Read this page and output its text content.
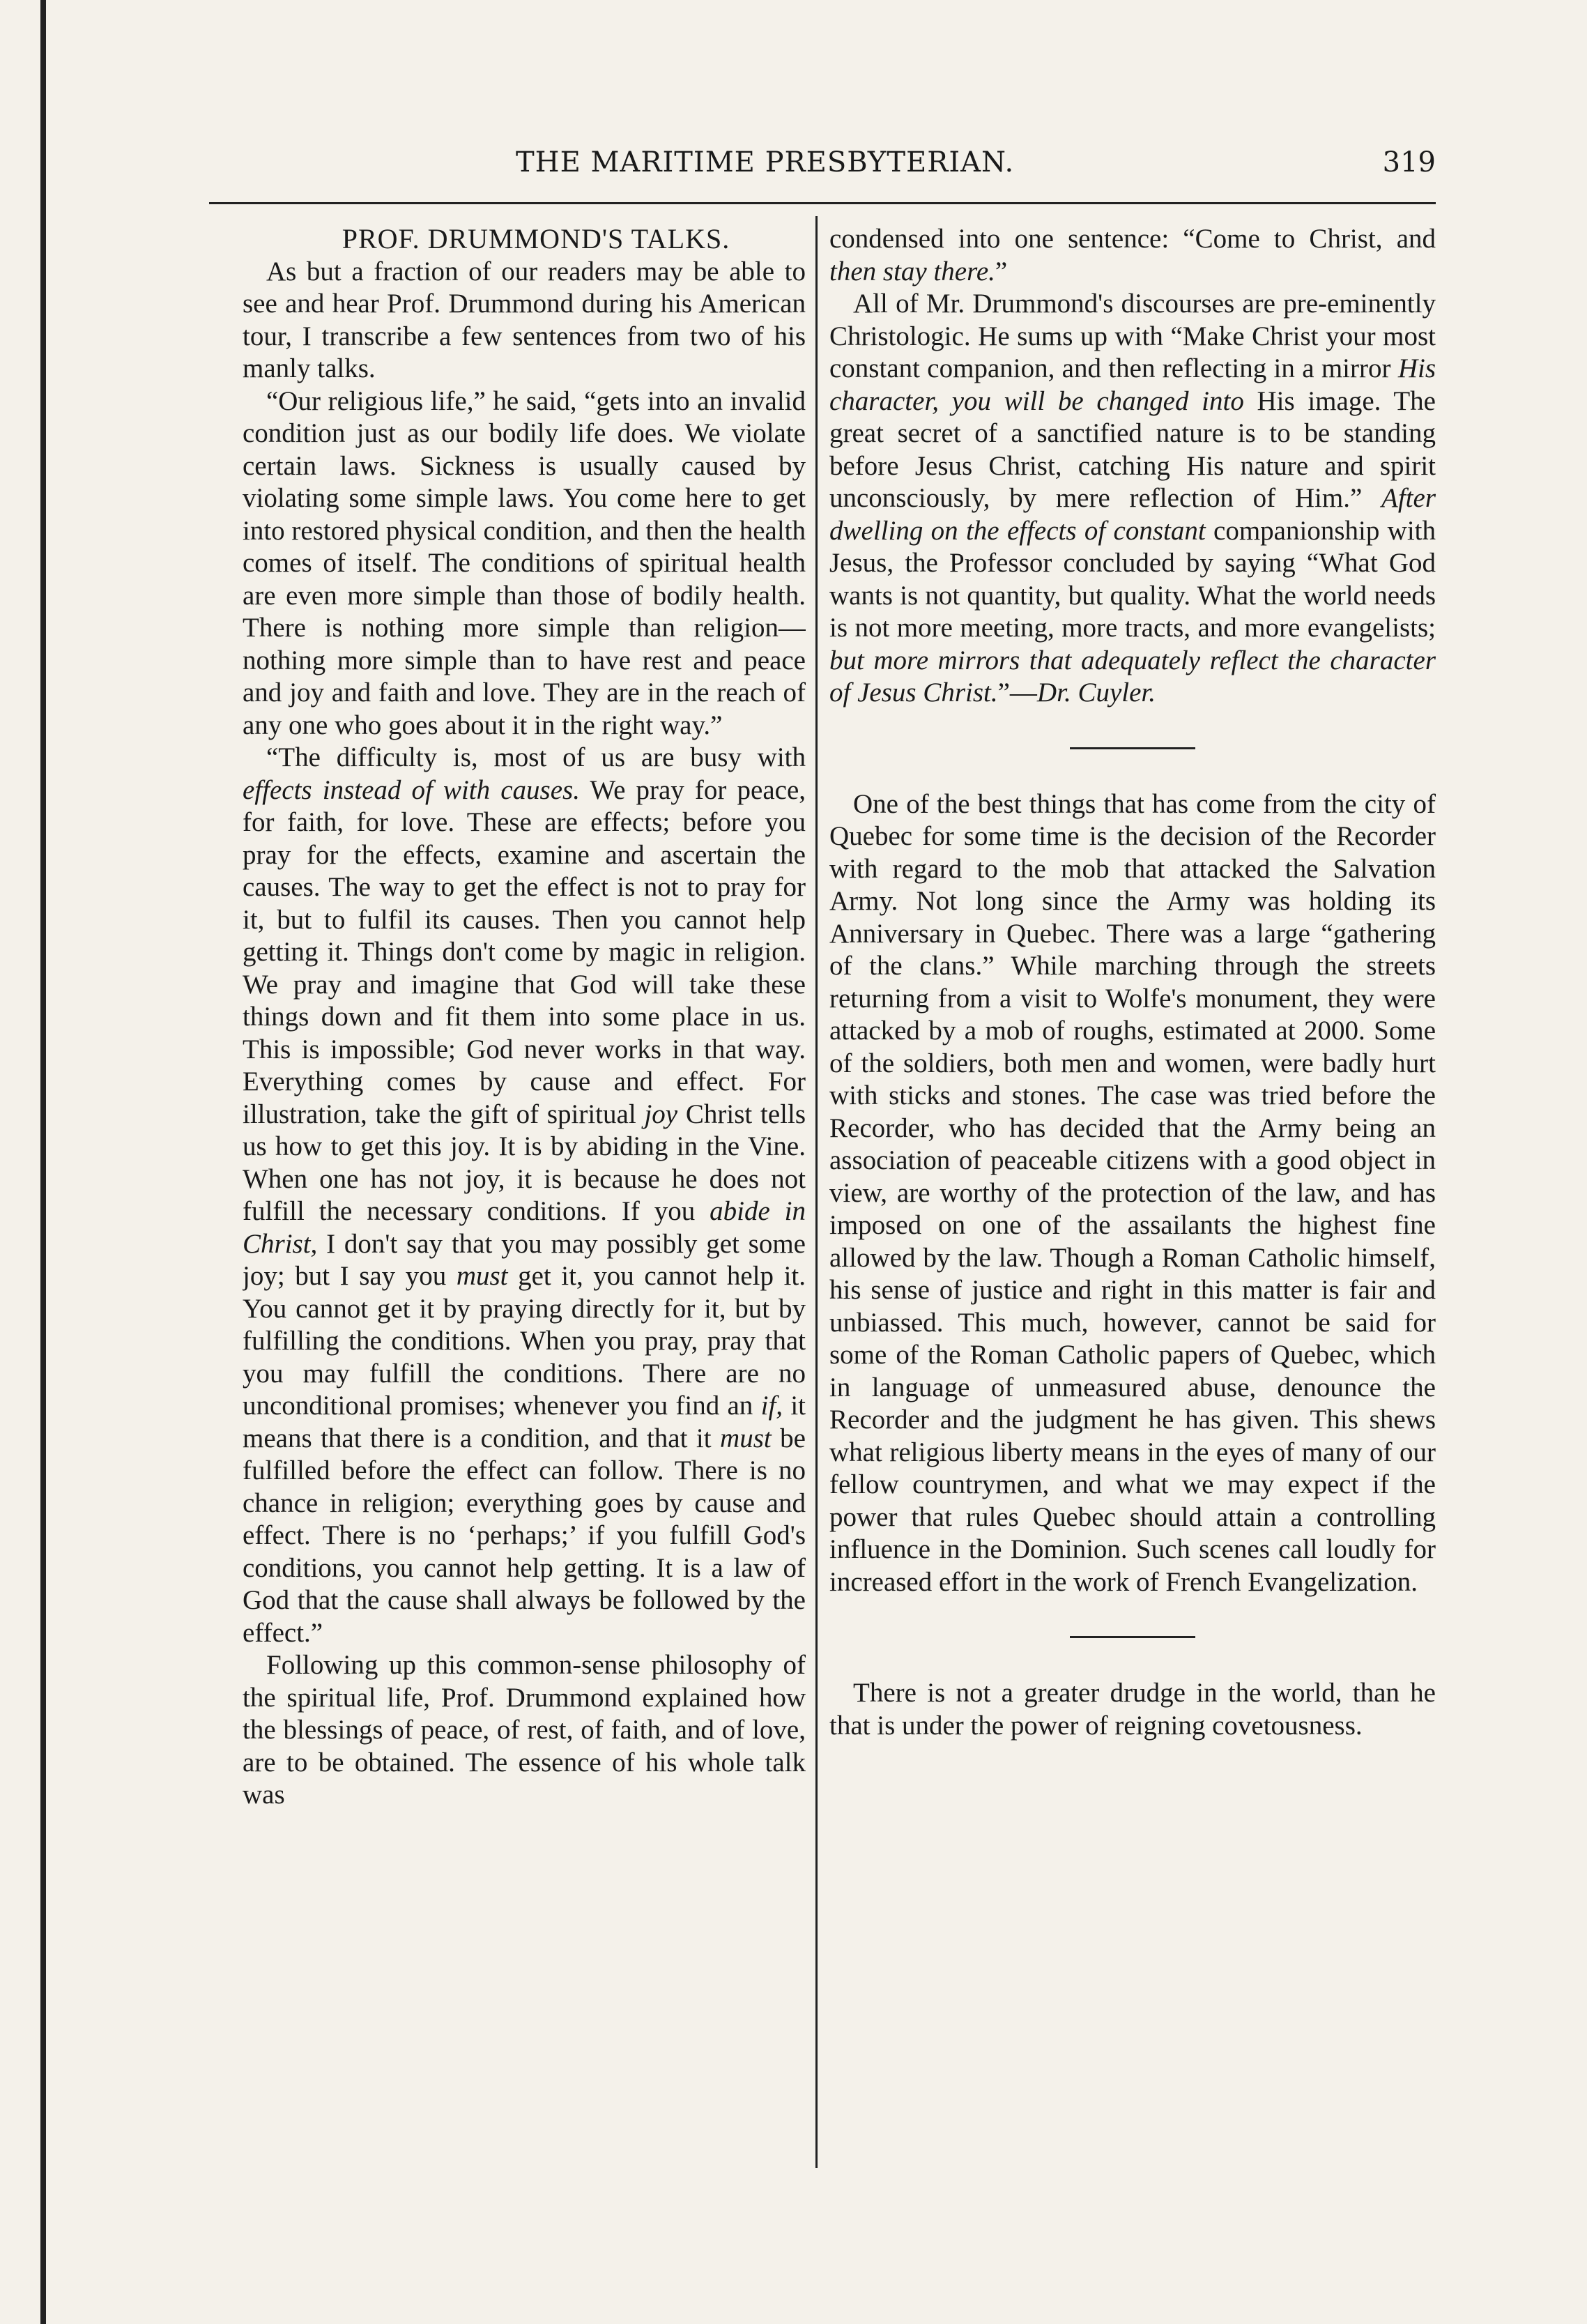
THE MARITIME PRESBYTERIAN.	319

PROF. DRUMMOND'S TALKS.

As but a fraction of our readers may be able to see and hear Prof. Drummond during his American tour, I transcribe a few sentences from two of his manly talks.

“Our religious life,” he said, “gets into an invalid condition just as our bodily life does. We violate certain laws. Sickness is usually caused by violating some simple laws. You come here to get into restored physical condition, and then the health comes of itself. The conditions of spiritual health are even more simple than those of bodily health. There is nothing more simple than religion—nothing more simple than to have rest and peace and joy and faith and love. They are in the reach of any one who goes about it in the right way.”

“The difficulty is, most of us are busy with effects instead of with causes. We pray for peace, for faith, for love. These are effects; before you pray for the effects, examine and ascertain the causes. The way to get the effect is not to pray for it, but to fulfil its causes. Then you cannot help getting it. Things don't come by magic in religion. We pray and imagine that God will take these things down and fit them into some place in us. This is impossible; God never works in that way. Everything comes by cause and effect. For illustration, take the gift of spiritual joy Christ tells us how to get this joy. It is by abiding in the Vine. When one has not joy, it is because he does not fulfill the necessary conditions. If you abide in Christ, I don't say that you may possibly get some joy; but I say you must get it, you cannot help it. You cannot get it by praying directly for it, but by fulfilling the conditions. When you pray, pray that you may fulfill the conditions. There are no unconditional promises; whenever you find an if, it means that there is a condition, and that it must be fulfilled before the effect can follow. There is no chance in religion; everything goes by cause and effect. There is no ‘perhaps;’ if you fulfill God's conditions, you cannot help getting. It is a law of God that the cause shall always be followed by the effect.”

Following up this common-sense philosophy of the spiritual life, Prof. Drummond explained how the blessings of peace, of rest, of faith, and of love, are to be obtained. The essence of his whole talk was

condensed into one sentence: “Come to Christ, and then stay there.”

All of Mr. Drummond's discourses are pre-eminently Christologic. He sums up with “Make Christ your most constant companion, and then reflecting in a mirror His character, you will be changed into His image. The great secret of a sanctified nature is to be standing before Jesus Christ, catching His nature and spirit unconsciously, by mere reflection of Him.” After dwelling on the effects of constant companionship with Jesus, the Professor concluded by saying “What God wants is not quantity, but quality. What the world needs is not more meeting, more tracts, and more evangelists; but more mirrors that adequately reflect the character of Jesus Christ.”—Dr. Cuyler.

One of the best things that has come from the city of Quebec for some time is the decision of the Recorder with regard to the mob that attacked the Salvation Army. Not long since the Army was holding its Anniversary in Quebec. There was a large “gathering of the clans.” While marching through the streets returning from a visit to Wolfe's monument, they were attacked by a mob of roughs, estimated at 2000. Some of the soldiers, both men and women, were badly hurt with sticks and stones. The case was tried before the Recorder, who has decided that the Army being an association of peaceable citizens with a good object in view, are worthy of the protection of the law, and has imposed on one of the assailants the highest fine allowed by the law. Though a Roman Catholic himself, his sense of justice and right in this matter is fair and unbiassed. This much, however, cannot be said for some of the Roman Catholic papers of Quebec, which in language of unmeasured abuse, denounce the Recorder and the judgment he has given. This shews what religious liberty means in the eyes of many of our fellow countrymen, and what we may expect if the power that rules Quebec should attain a controlling influence in the Dominion. Such scenes call loudly for increased effort in the work of French Evangelization.

There is not a greater drudge in the world, than he that is under the power of reigning covetousness.
